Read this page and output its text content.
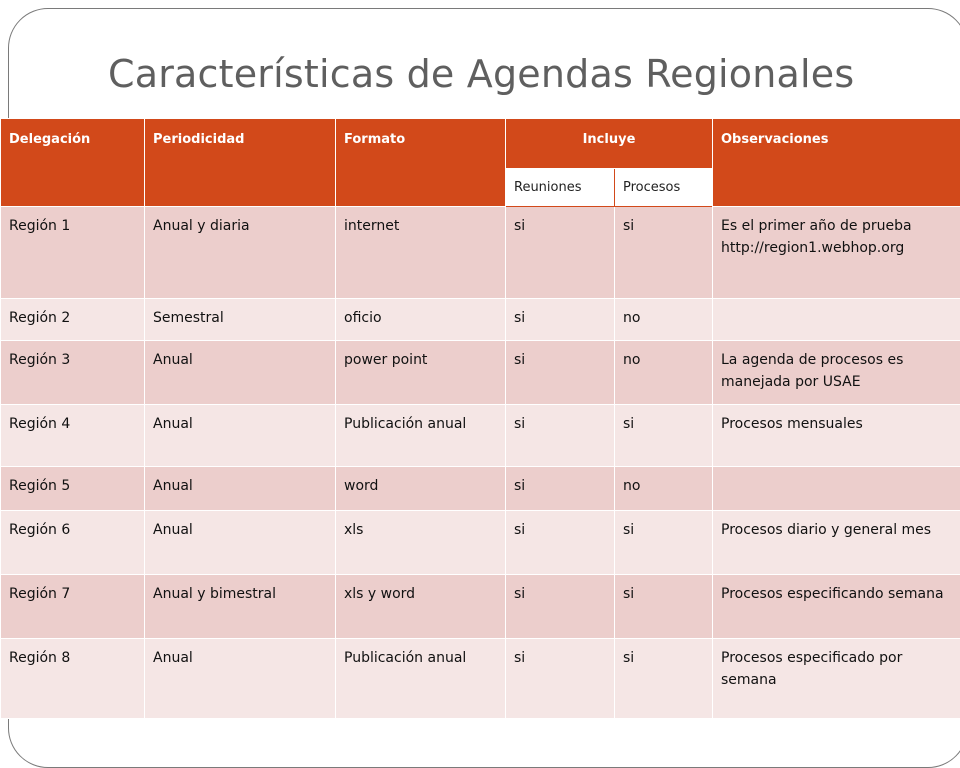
Características de Agendas Regionales
Delegación	Periodicidad	Formato	Incluye		Observaciones
			Reuniones	Procesos	
Región 1	Anual y diaria	internet	si	si	Es el primer año de prueba http://region1.webhop.org
Región 2	Semestral	oficio	si	no	
Región 3	Anual	power point	si	no	La agenda de procesos es manejada por USAE
Región 4	Anual	Publicación anual	si	si	Procesos mensuales
Región 5	Anual	word	si	no	
Región 6	Anual	xls	si	si	Procesos diario y general mes
Región 7	Anual y bimestral	xls y word	si	si	Procesos especificando semana
Región 8	Anual	Publicación anual	si	si	Procesos especificado por semana
